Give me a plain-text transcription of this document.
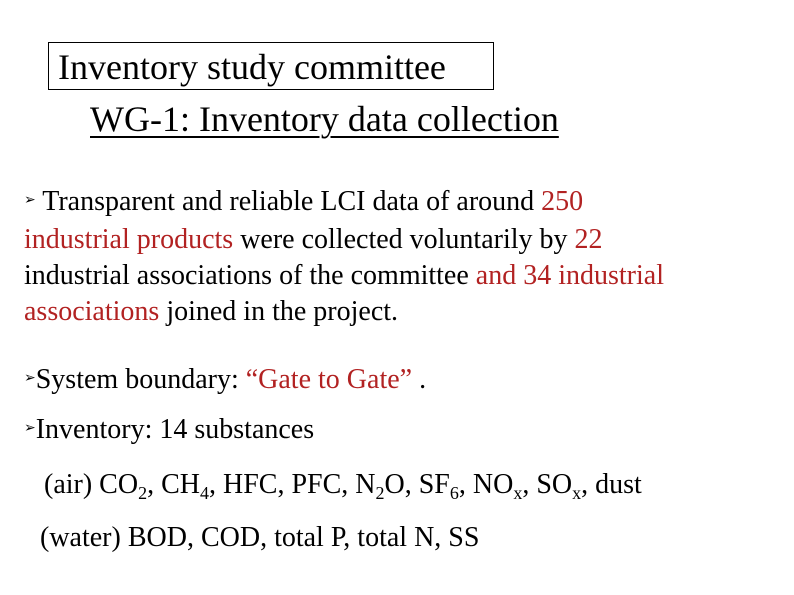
Inventory study committee
WG-1: Inventory data collection
➢ Transparent and reliable LCI data of around 250
industrial products were collected voluntarily by 22
industrial associations of the committee and 34 industrial
associations joined in the project.
➢System boundary: “Gate to Gate” .
➢Inventory: 14 substances
(air) $CO_2$, $CH_4$, HFC, PFC, $N_2O$, $SF_6$, $NO_x$, $SO_x$, dust
(water) BOD, COD, total P, total N, SS
